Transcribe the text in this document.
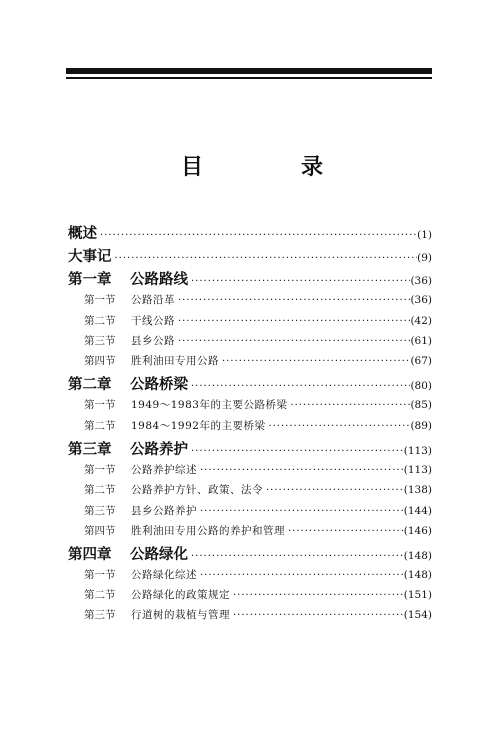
目　录
概述 ·····	(1)
大事记 ·····	(9)
第一章	公路路线 ·····	(36)
第一节	公路沿革 ·····	(36)
第二节	干线公路 ·····	(42)
第三节	县乡公路 ·····	(61)
第四节	胜利油田专用公路 ·····	(67)
第二章	公路桥梁 ·····	(80)
第一节	1949～1983年的主要公路桥梁 ·····	(85)
第二节	1984～1992年的主要桥梁 ·····	(89)
第三章	公路养护 ·····	(113)
第一节	公路养护综述 ·····	(113)
第二节	公路养护方针、政策、法令 ·····	(138)
第三节	县乡公路养护 ·····	(144)
第四节	胜利油田专用公路的养护和管理 ·····	(146)
第四章	公路绿化 ·····	(148)
第一节	公路绿化综述 ·····	(148)
第二节	公路绿化的政策规定 ·····	(151)
第三节	行道树的栽植与管理 ·····	(154)
